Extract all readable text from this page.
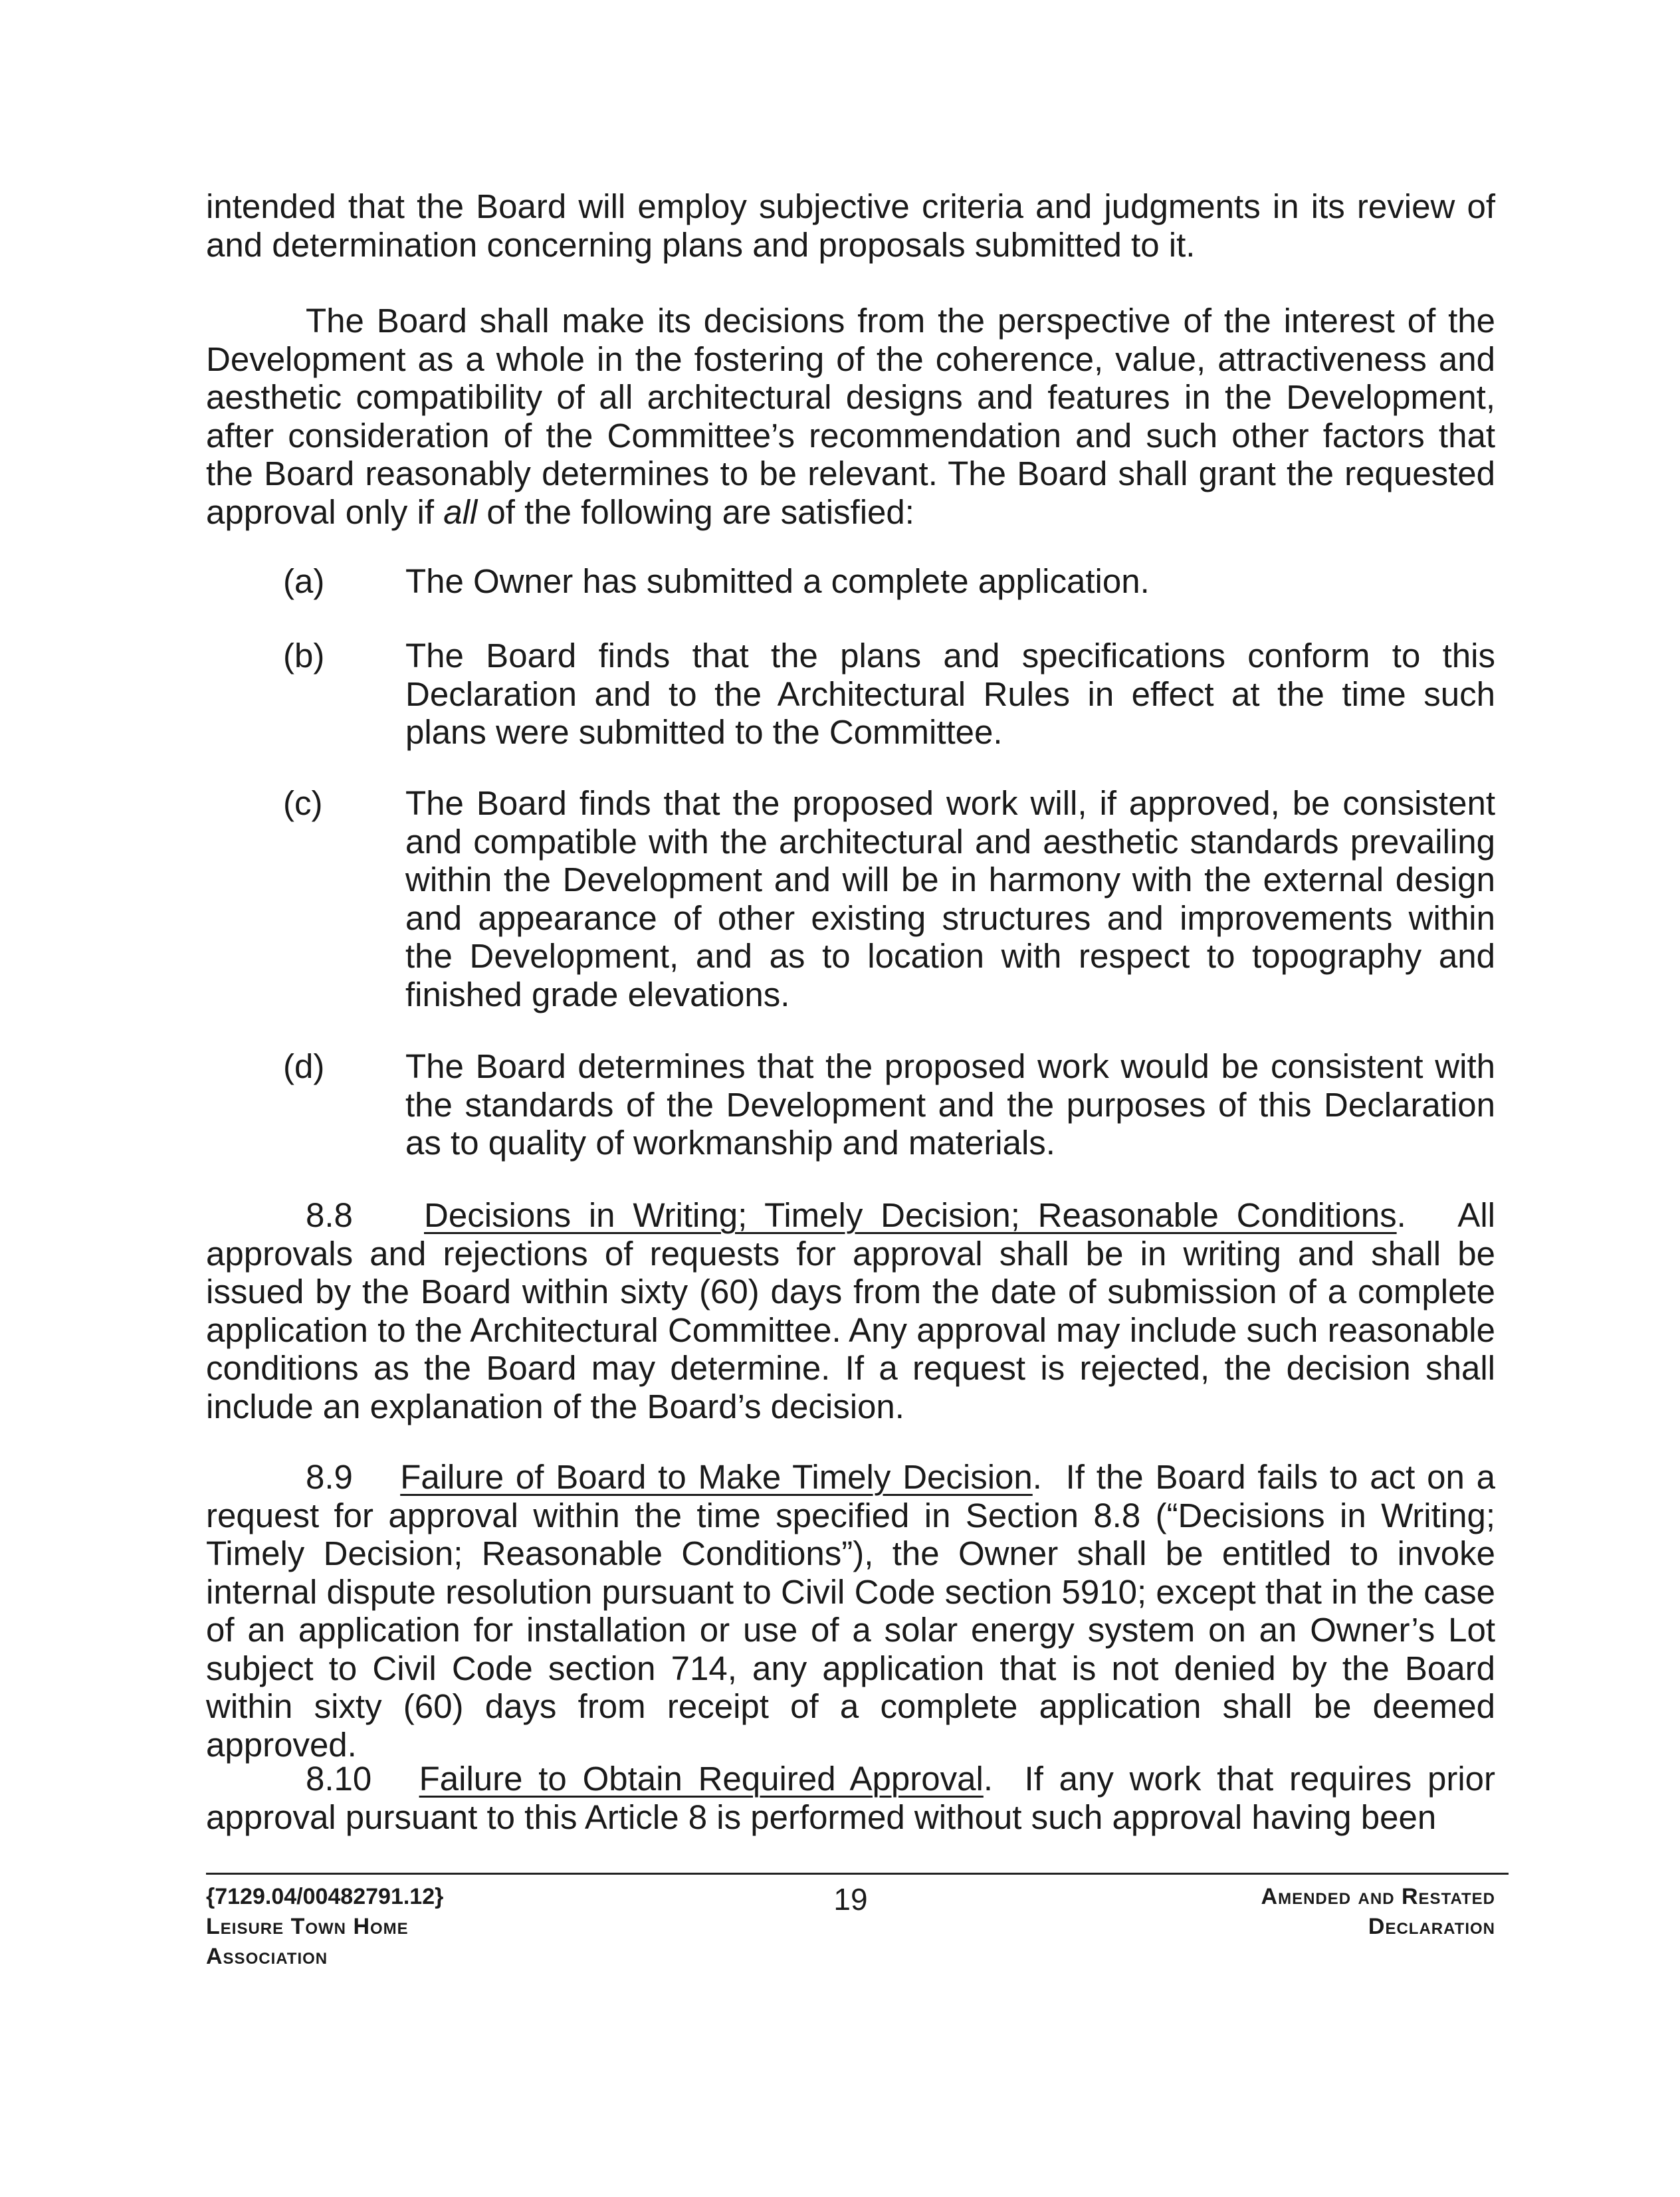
intended that the Board will employ subjective criteria and judgments in its review of and determination concerning plans and proposals submitted to it.

The Board shall make its decisions from the perspective of the interest of the Development as a whole in the fostering of the coherence, value, attractiveness and aesthetic compatibility of all architectural designs and features in the Development, after consideration of the Committee’s recommendation and such other factors that the Board reasonably determines to be relevant. The Board shall grant the requested approval only if all of the following are satisfied:

(a) The Owner has submitted a complete application.
(b) The Board finds that the plans and specifications conform to this Declaration and to the Architectural Rules in effect at the time such plans were submitted to the Committee.
(c) The Board finds that the proposed work will, if approved, be consistent and compatible with the architectural and aesthetic standards prevailing within the Development and will be in harmony with the external design and appearance of other existing structures and improvements within the Development, and as to location with respect to topography and finished grade elevations.
(d) The Board determines that the proposed work would be consistent with the standards of the Development and the purposes of this Declaration as to quality of workmanship and materials.

8.8 Decisions in Writing; Timely Decision; Reasonable Conditions.   All approvals and rejections of requests for approval shall be in writing and shall be issued by the Board within sixty (60) days from the date of submission of a complete application to the Architectural Committee. Any approval may include such reasonable conditions as the Board may determine. If a request is rejected, the decision shall include an explanation of the Board’s decision.

8.9 Failure of Board to Make Timely Decision.  If the Board fails to act on a request for approval within the time specified in Section 8.8 (“Decisions in Writing; Timely Decision; Reasonable Conditions”), the Owner shall be entitled to invoke internal dispute resolution pursuant to Civil Code section 5910; except that in the case of an application for installation or use of a solar energy system on an Owner’s Lot subject to Civil Code section 714, any application that is not denied by the Board within sixty (60) days from receipt of a complete application shall be deemed approved.

8.10 Failure to Obtain Required Approval.  If any work that requires prior approval pursuant to this Article 8 is performed without such approval having been

{7129.04/00482791.12}
Leisure Town Home
Association
19	Amended and Restated
Declaration
